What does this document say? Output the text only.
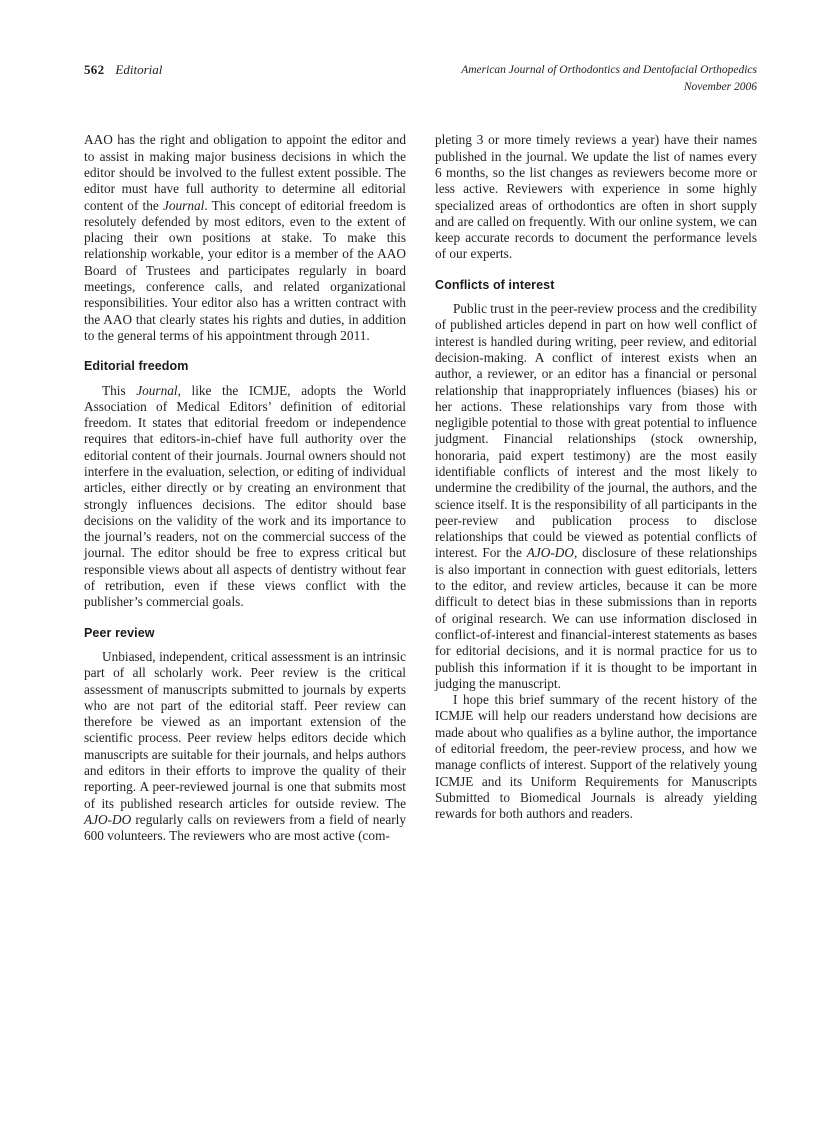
562 Editorial	American Journal of Orthodontics and Dentofacial Orthopedics
November 2006

AAO has the right and obligation to appoint the editor and to assist in making major business decisions in which the editor should be involved to the fullest extent possible. The editor must have full authority to determine all editorial content of the Journal. This concept of editorial freedom is resolutely defended by most editors, even to the extent of placing their own positions at stake. To make this relationship workable, your editor is a member of the AAO Board of Trustees and participates regularly in board meetings, conference calls, and related organizational responsibilities. Your editor also has a written contract with the AAO that clearly states his rights and duties, in addition to the general terms of his appointment through 2011.

Editorial freedom

This Journal, like the ICMJE, adopts the World Association of Medical Editors’ definition of editorial freedom. It states that editorial freedom or independence requires that editors-in-chief have full authority over the editorial content of their journals. Journal owners should not interfere in the evaluation, selection, or editing of individual articles, either directly or by creating an environment that strongly influences decisions. The editor should base decisions on the validity of the work and its importance to the journal’s readers, not on the commercial success of the journal. The editor should be free to express critical but responsible views about all aspects of dentistry without fear of retribution, even if these views conflict with the publisher’s commercial goals.

Peer review

Unbiased, independent, critical assessment is an intrinsic part of all scholarly work. Peer review is the critical assessment of manuscripts submitted to journals by experts who are not part of the editorial staff. Peer review can therefore be viewed as an important extension of the scientific process. Peer review helps editors decide which manuscripts are suitable for their journals, and helps authors and editors in their efforts to improve the quality of their reporting. A peer-reviewed journal is one that submits most of its published research articles for outside review. The AJO-DO regularly calls on reviewers from a field of nearly 600 volunteers. The reviewers who are most active (com-

pleting 3 or more timely reviews a year) have their names published in the journal. We update the list of names every 6 months, so the list changes as reviewers become more or less active. Reviewers with experience in some highly specialized areas of orthodontics are often in short supply and are called on frequently. With our online system, we can keep accurate records to document the performance levels of our experts.

Conflicts of interest

Public trust in the peer-review process and the credibility of published articles depend in part on how well conflict of interest is handled during writing, peer review, and editorial decision-making. A conflict of interest exists when an author, a reviewer, or an editor has a financial or personal relationship that inappropriately influences (biases) his or her actions. These relationships vary from those with negligible potential to those with great potential to influence judgment. Financial relationships (stock ownership, honoraria, paid expert testimony) are the most easily identifiable conflicts of interest and the most likely to undermine the credibility of the journal, the authors, and the science itself. It is the responsibility of all participants in the peer-review and publication process to disclose relationships that could be viewed as potential conflicts of interest. For the AJO-DO, disclosure of these relationships is also important in connection with guest editorials, letters to the editor, and review articles, because it can be more difficult to detect bias in these submissions than in reports of original research. We can use information disclosed in conflict-of-interest and financial-interest statements as bases for editorial decisions, and it is normal practice for us to publish this information if it is thought to be important in judging the manuscript.

I hope this brief summary of the recent history of the ICMJE will help our readers understand how decisions are made about who qualifies as a byline author, the importance of editorial freedom, the peer-review process, and how we manage conflicts of interest. Support of the relatively young ICMJE and its Uniform Requirements for Manuscripts Submitted to Biomedical Journals is already yielding rewards for both authors and readers.
